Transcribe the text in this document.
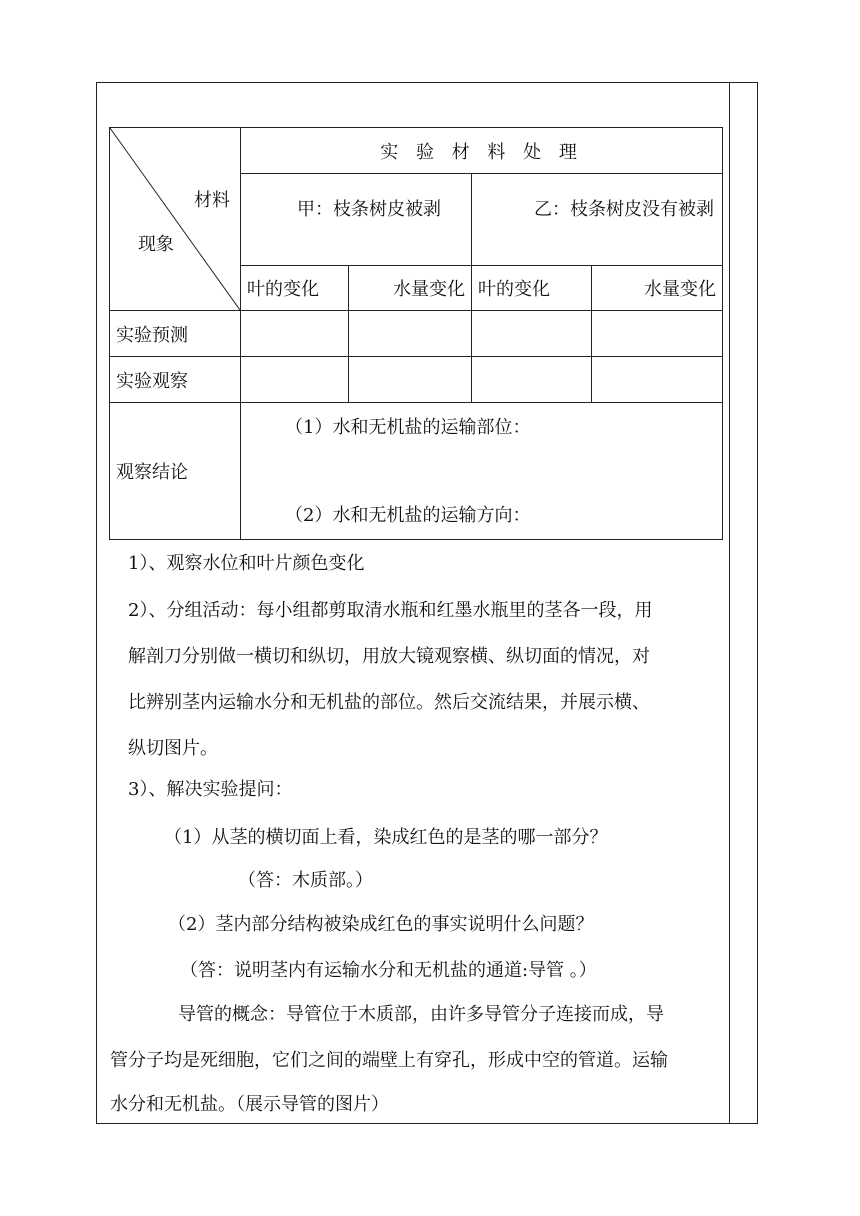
材料
现象	实 验 材 料 处 理			
	甲：枝条树皮被剥		乙：枝条树皮没有被剥	
	叶的变化	水量变化	叶的变化	水量变化
实验预测				
实验观察				
观察结论	（1）水和无机盐的运输部位：
（2）水和无机盐的运输方向：			
1）、观察水位和叶片颜色变化
2）、分组活动：每小组都剪取清水瓶和红墨水瓶里的茎各一段，用
解剖刀分别做一横切和纵切，用放大镜观察横、纵切面的情况，对
比辨别茎内运输水分和无机盐的部位。然后交流结果，并展示横、
纵切图片。
3）、解决实验提问：
（1）从茎的横切面上看，染成红色的是茎的哪一部分？
（答：木质部。）
（2）茎内部分结构被染成红色的事实说明什么问题？
（答：说明茎内有运输水分和无机盐的通道:导管 。）
导管的概念：导管位于木质部，由许多导管分子连接而成，导
管分子均是死细胞，它们之间的端壁上有穿孔，形成中空的管道。运输
水分和无机盐。（展示导管的图片）
